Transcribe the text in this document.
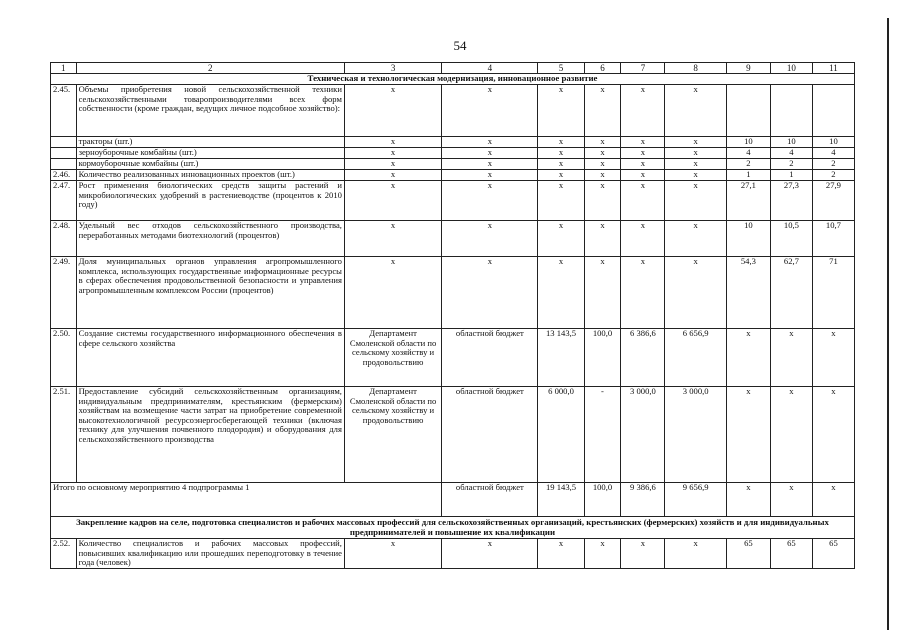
54
1	2	3	4	5	6	7	8	9	10	11
Техническая и технологическая модернизация, инновационное развитие										
2.45.	Объемы приобретения новой сельскохозяйственной техники сельскохозяйственными товаропроизводителями всех форм собственности (кроме граждан, ведущих личное подсобное хозяйство):	x	x	x	x	x	x			
	тракторы (шт.)	x	x	x	x	x	x	10	10	10
	зерноуборочные комбайны (шт.)	x	x	x	x	x	x	4	4	4
	кормоуборочные комбайны (шт.)	x	x	x	x	x	x	2	2	2
2.46.	Количество реализованных инновационных проектов (шт.)	x	x	x	x	x	x	1	1	2
2.47.	Рост применения биологических средств защиты растений и микробиологических удобрений в растениеводстве (процентов к 2010 году)	x	x	x	x	x	x	27,1	27,3	27,9
2.48.	Удельный вес отходов сельскохозяйственного производства, переработанных методами биотехнологий (процентов)	x	x	x	x	x	x	10	10,5	10,7
2.49.	Доля муниципальных органов управления агропромышленного комплекса, использующих государственные информационные ресурсы в сферах обеспечения продовольственной безопасности и управления агропромышленным комплексом России (процентов)	x	x	x	x	x	x	54,3	62,7	71
2.50.	Создание системы государственного информационного обеспечения в сфере сельского хозяйства	Департамент Смоленской области по сельскому хозяйству и продовольствию	областной бюджет	13 143,5	100,0	6 386,6	6 656,9	x	x	x
2.51.	Предоставление субсидий сельскохозяйственным организациям, индивидуальным предпринимателям, крестьянским (фермерским) хозяйствам на возмещение части затрат на приобретение современной высокотехнологичной ресурсоэнергосберегающей техники (включая технику для улучшения почвенного плодородия) и оборудования для сельскохозяйственного производства	Департамент Смоленской области по сельскому хозяйству и продовольствию	областной бюджет	6 000,0	-	3 000,0	3 000,0	x	x	x
Итого по основному мероприятию 4 подпрограммы 1			областной бюджет	19 143,5	100,0	9 386,6	9 656,9	x	x	x
Закрепление кадров на селе, подготовка специалистов и рабочих массовых профессий для сельскохозяйственных организаций, крестьянских (фермерских) хозяйств и для индивидуальных предпринимателей и повышение их квалификации										
2.52.	Количество специалистов и рабочих массовых профессий, повысивших квалификацию или прошедших переподготовку в течение года (человек)	x	x	x	x	x	x	65	65	65
